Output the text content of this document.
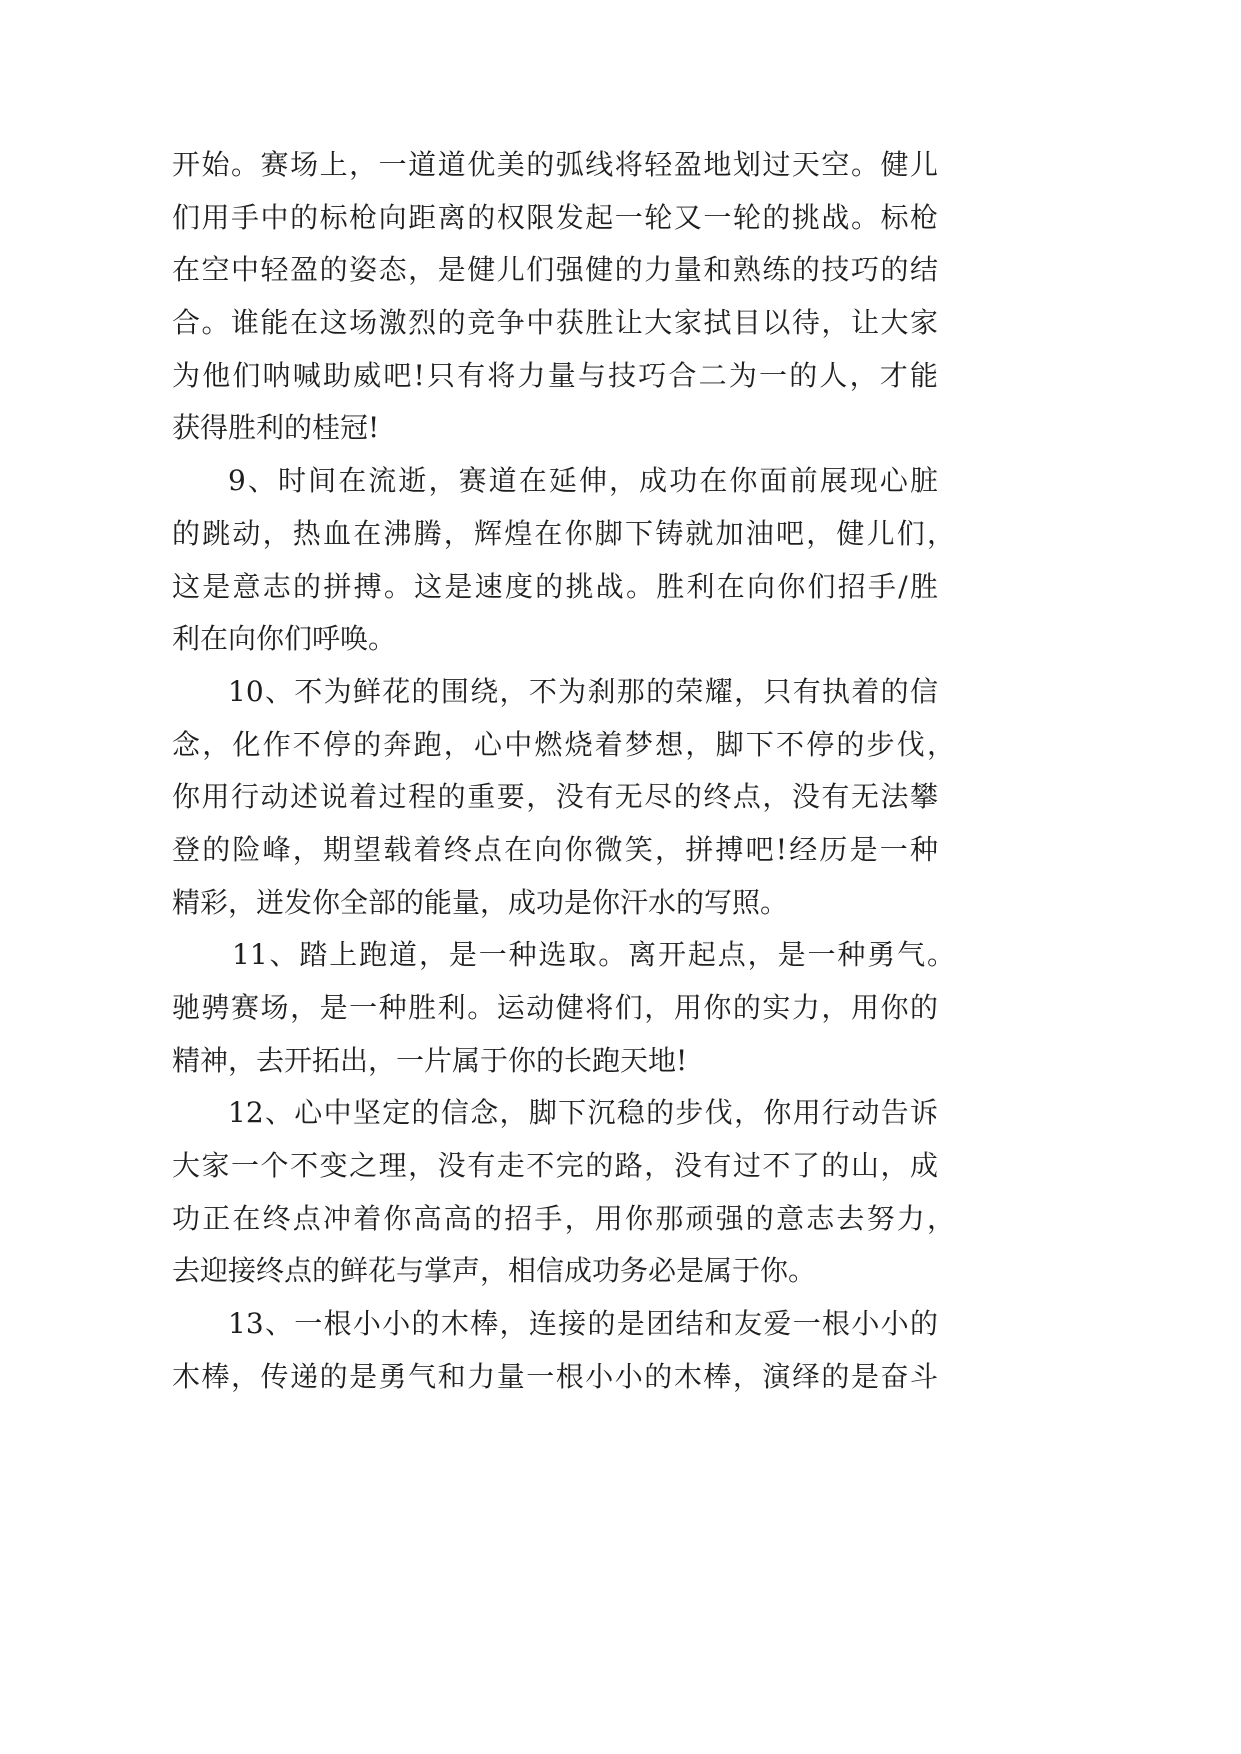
开始。赛场上，一道道优美的弧线将轻盈地划过天空。健儿
们用手中的标枪向距离的权限发起一轮又一轮的挑战。标枪
在空中轻盈的姿态，是健儿们强健的力量和熟练的技巧的结
合。谁能在这场激烈的竞争中获胜让大家拭目以待，让大家
为他们呐喊助威吧!只有将力量与技巧合二为一的人，才能
获得胜利的桂冠!
9、时间在流逝，赛道在延伸，成功在你面前展现心脏
的跳动，热血在沸腾，辉煌在你脚下铸就加油吧，健儿们，
这是意志的拼搏。这是速度的挑战。胜利在向你们招手/胜
利在向你们呼唤。
10、不为鲜花的围绕，不为刹那的荣耀，只有执着的信
念，化作不停的奔跑，心中燃烧着梦想，脚下不停的步伐，
你用行动述说着过程的重要，没有无尽的终点，没有无法攀
登的险峰，期望载着终点在向你微笑，拼搏吧!经历是一种
精彩，迸发你全部的能量，成功是你汗水的写照。
11、踏上跑道，是一种选取。离开起点，是一种勇气。
驰骋赛场，是一种胜利。运动健将们，用你的实力，用你的
精神，去开拓出，一片属于你的长跑天地!
12、心中坚定的信念，脚下沉稳的步伐，你用行动告诉
大家一个不变之理，没有走不完的路，没有过不了的山，成
功正在终点冲着你高高的招手，用你那顽强的意志去努力，
去迎接终点的鲜花与掌声，相信成功务必是属于你。
13、一根小小的木棒，连接的是团结和友爱一根小小的
木棒，传递的是勇气和力量一根小小的木棒，演绎的是奋斗
